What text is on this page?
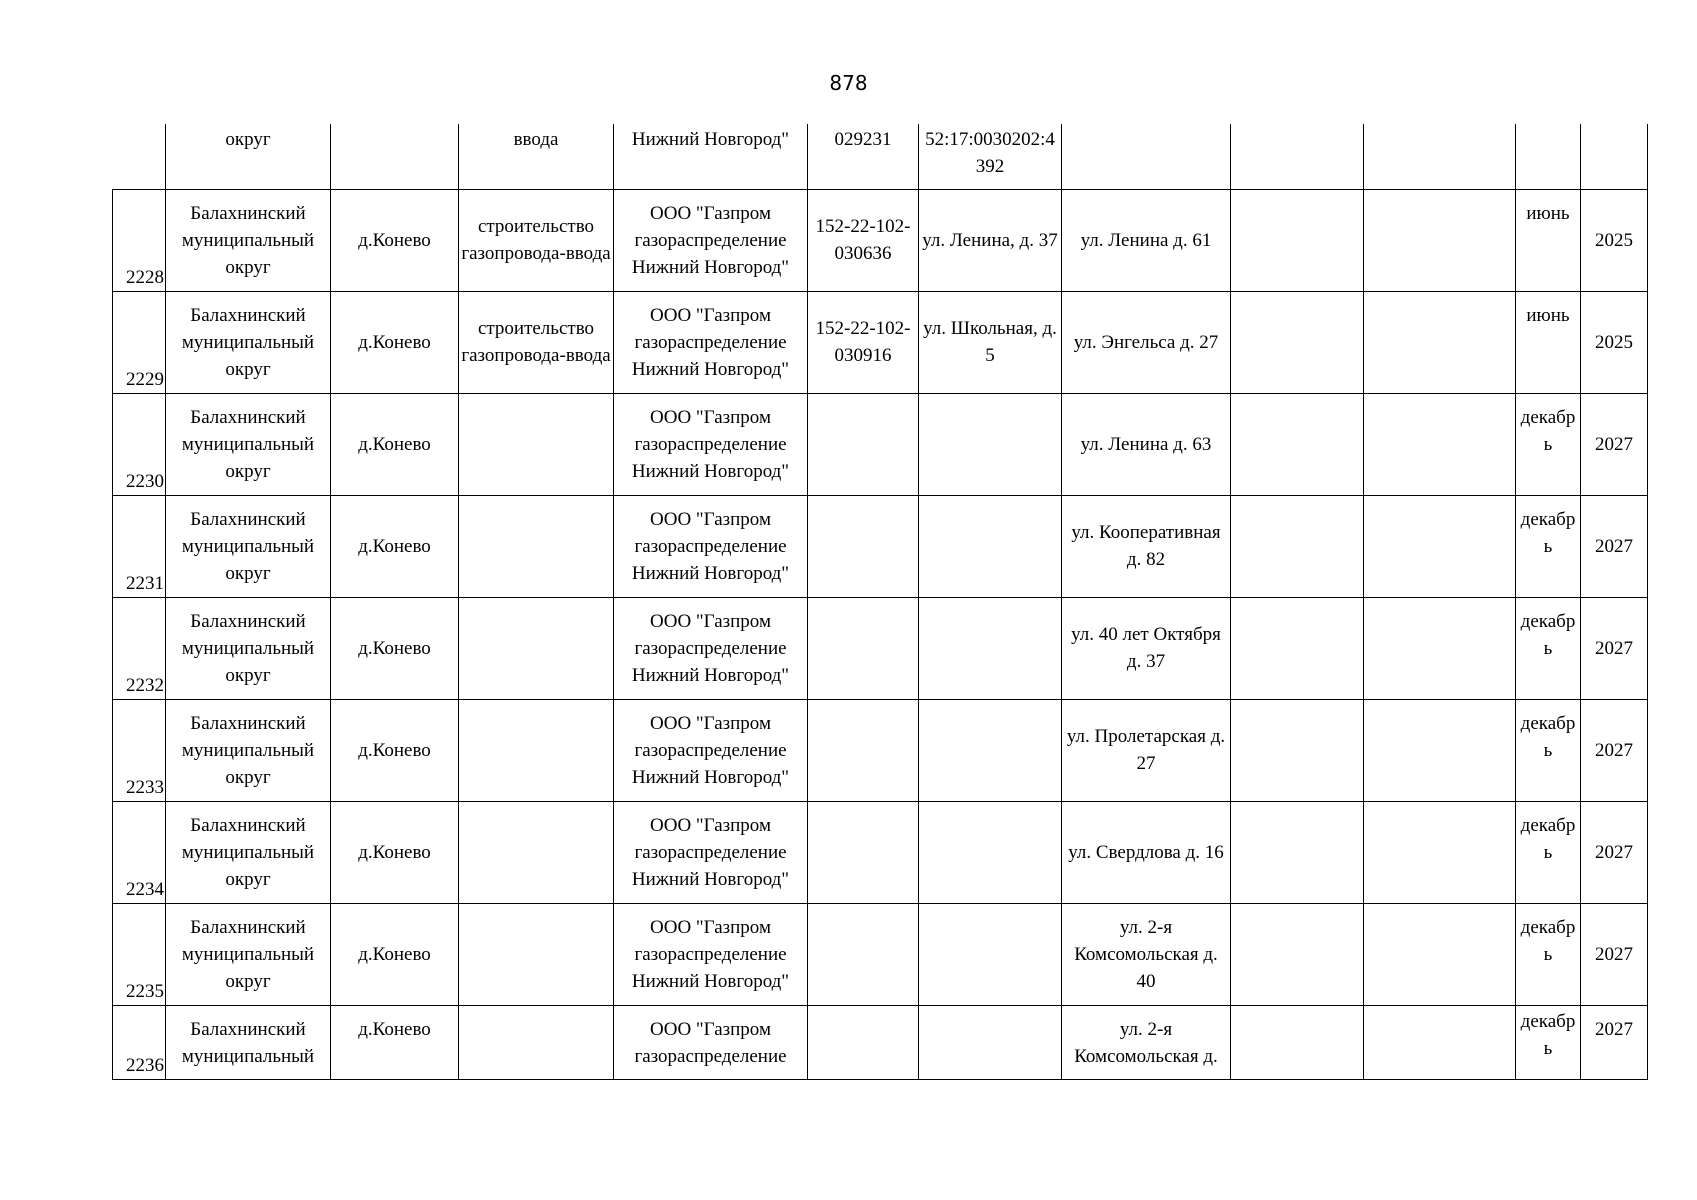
878
	округ		ввода	Нижний Новгород"	029231	52:17:0030202:4392					
2228	Балахнинский муниципальный округ	д.Конево	строительство газопровода-ввода	ООО "Газпром газораспределение Нижний Новгород"	152-22-102-030636	ул. Ленина, д. 37	ул. Ленина д. 61			июнь	2025
2229	Балахнинский муниципальный округ	д.Конево	строительство газопровода-ввода	ООО "Газпром газораспределение Нижний Новгород"	152-22-102-030916	ул. Школьная, д. 5	ул. Энгельса д. 27			июнь	2025
2230	Балахнинский муниципальный округ	д.Конево		ООО "Газпром газораспределение Нижний Новгород"			ул. Ленина д. 63			декабрь	2027
2231	Балахнинский муниципальный округ	д.Конево		ООО "Газпром газораспределение Нижний Новгород"			ул. Кооперативная д. 82			декабрь	2027
2232	Балахнинский муниципальный округ	д.Конево		ООО "Газпром газораспределение Нижний Новгород"			ул. 40 лет Октября д. 37			декабрь	2027
2233	Балахнинский муниципальный округ	д.Конево		ООО "Газпром газораспределение Нижний Новгород"			ул. Пролетарская д. 27			декабрь	2027
2234	Балахнинский муниципальный округ	д.Конево		ООО "Газпром газораспределение Нижний Новгород"			ул. Свердлова д. 16			декабрь	2027
2235	Балахнинский муниципальный округ	д.Конево		ООО "Газпром газораспределение Нижний Новгород"			ул. 2-я Комсомольская д. 40			декабрь	2027
2236	Балахнинский муниципальный	д.Конево		ООО "Газпром газораспределение			ул. 2-я Комсомольская д.			декабрь	2027
